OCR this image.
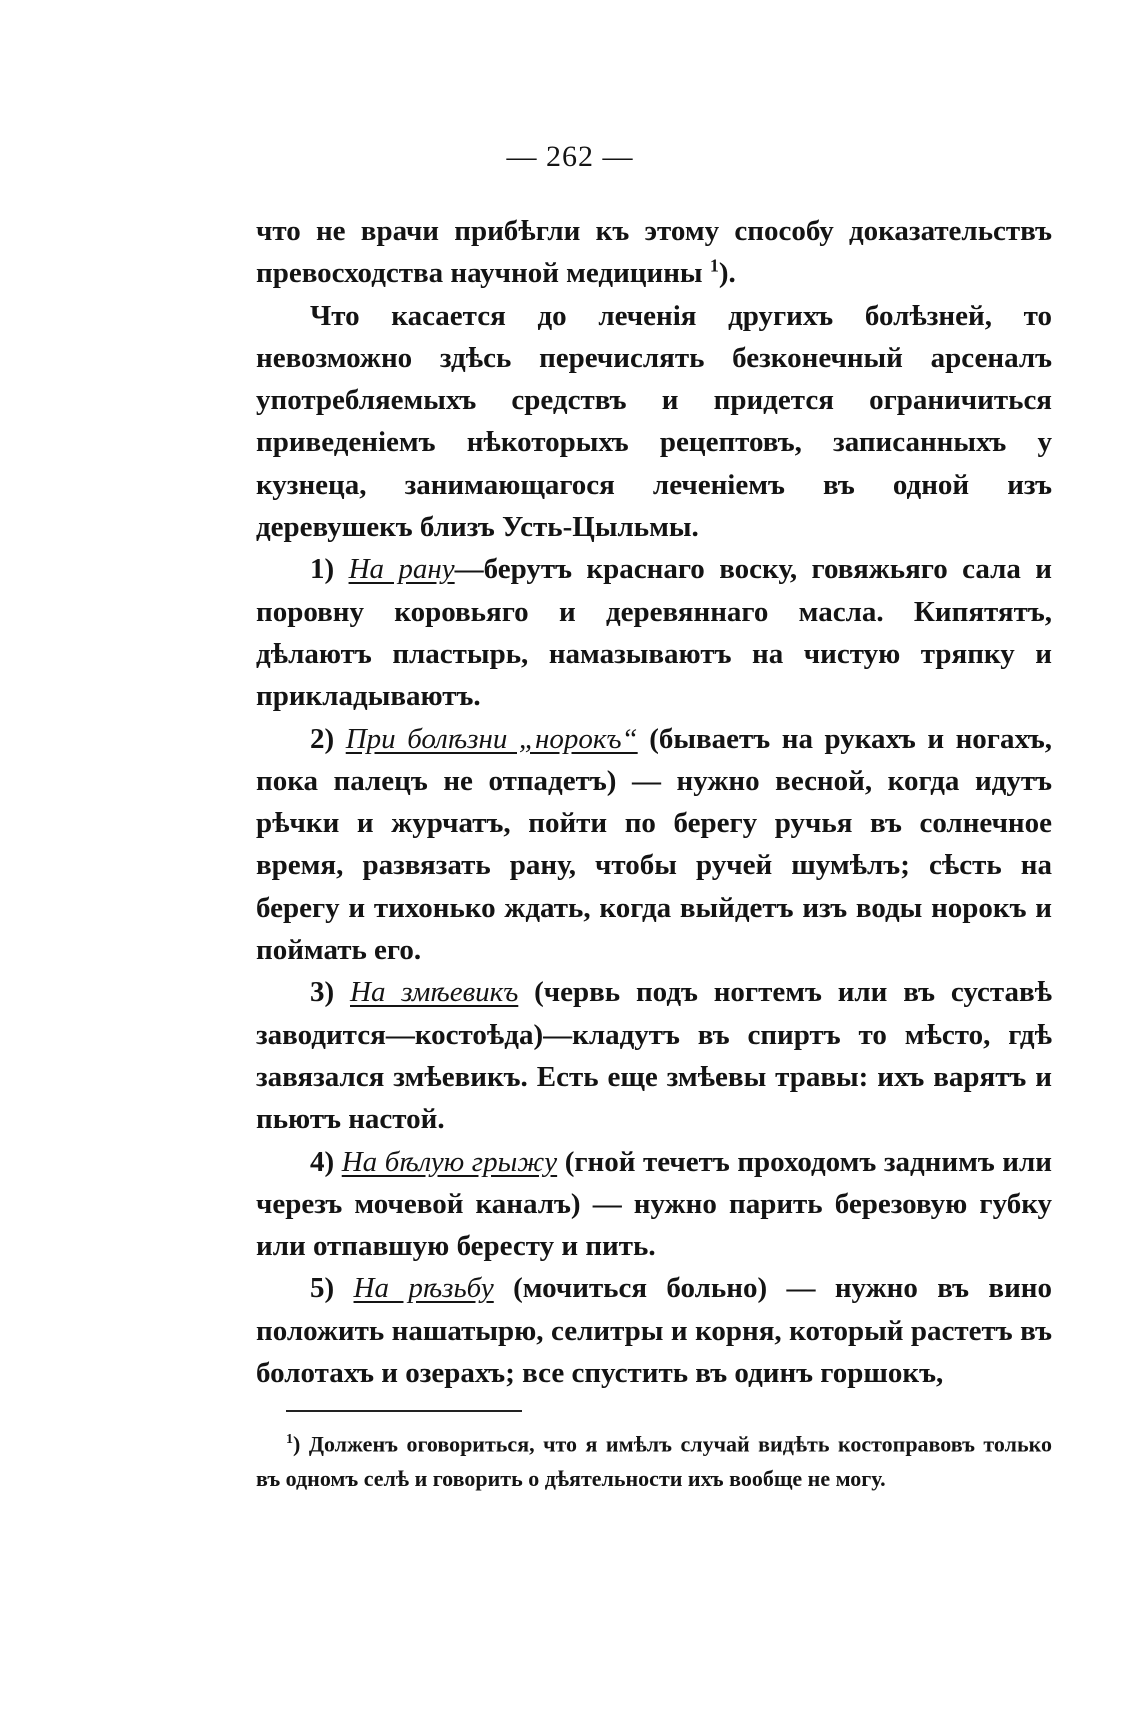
— 262 —

что не врачи прибѣгли къ этому способу доказательствъ превосходства научной медицины $^1$).

Что касается до леченія другихъ болѣзней, то невозможно здѣсь перечислять безконечный арсеналъ употребляемыхъ средствъ и придется ограничиться приведеніемъ нѣкоторыхъ рецептовъ, записанныхъ у кузнеца, занимающагося леченіемъ въ одной изъ деревушекъ близъ Усть-Цыльмы.

1) На рану—берутъ краснаго воску, говяжьяго сала и поровну коровьяго и деревяннаго масла. Кипятятъ, дѣлаютъ пластырь, намазываютъ на чистую тряпку и прикладываютъ.

2) При болѣзни „норокъ“ (бываетъ на рукахъ и ногахъ, пока палецъ не отпадетъ) — нужно весной, когда идутъ рѣчки и журчатъ, пойти по берегу ручья въ солнечное время, развязать рану, чтобы ручей шумѣлъ; сѣсть на берегу и тихонько ждать, когда выйдетъ изъ воды норокъ и поймать его.

3) На змѣевикъ (червь подъ ногтемъ или въ суставѣ заводится—костоѣда)—кладутъ въ спиртъ то мѣсто, гдѣ завязался змѣевикъ. Есть еще змѣевы травы: ихъ варятъ и пьютъ настой.

4) На бѣлую грыжу (гной течетъ проходомъ заднимъ или черезъ мочевой каналъ) — нужно парить березовую губку или отпавшую бересту и пить.

5) На рѣзьбу (мочиться больно) — нужно въ вино положить нашатырю, селитры и корня, который растетъ въ болотахъ и озерахъ; все спустить въ одинъ горшокъ,

$^1$) Долженъ оговориться, что я имѣлъ случай видѣть костоправовъ только въ одномъ селѣ и говорить о дѣятельности ихъ вообще не могу.
